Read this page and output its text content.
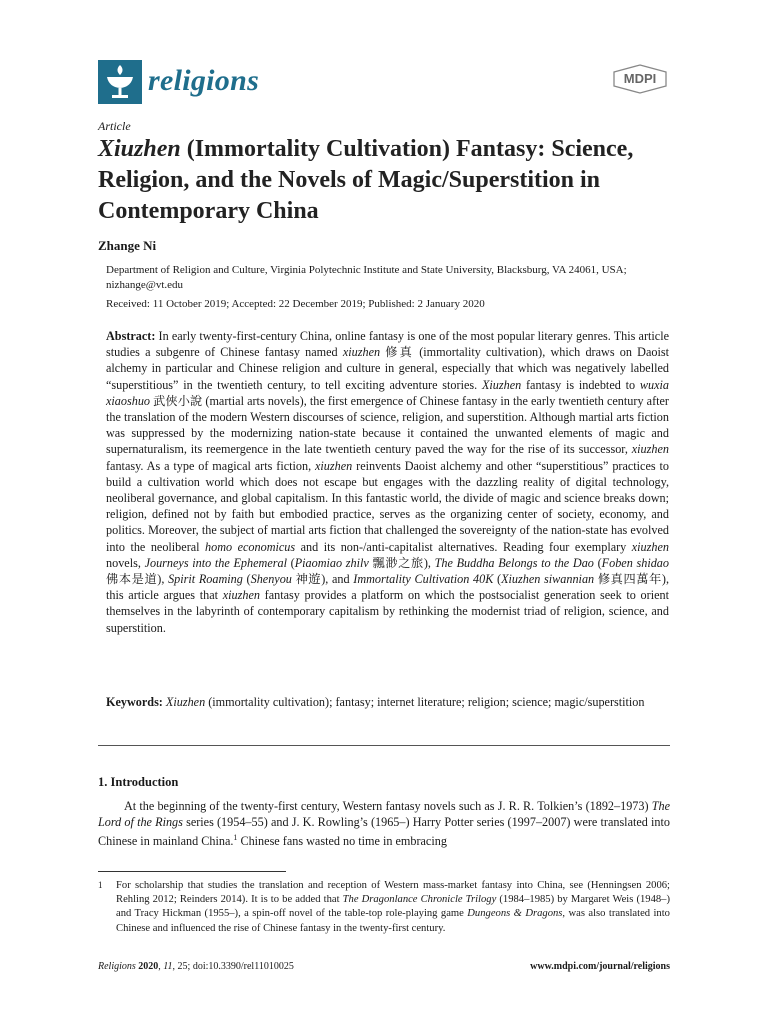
religions	MDPI
Article
Xiuzhen (Immortality Cultivation) Fantasy: Science, Religion, and the Novels of Magic/Superstition in Contemporary China
Zhange Ni
Department of Religion and Culture, Virginia Polytechnic Institute and State University, Blacksburg, VA 24061, USA; nizhange@vt.edu
Received: 11 October 2019; Accepted: 22 December 2019; Published: 2 January 2020
Abstract: In early twenty-first-century China, online fantasy is one of the most popular literary genres. This article studies a subgenre of Chinese fantasy named xiuzhen 修真 (immortality cultivation), which draws on Daoist alchemy in particular and Chinese religion and culture in general, especially that which was negatively labelled “superstitious” in the twentieth century, to tell exciting adventure stories. Xiuzhen fantasy is indebted to wuxia xiaoshuo 武俠小說 (martial arts novels), the first emergence of Chinese fantasy in the early twentieth century after the translation of the modern Western discourses of science, religion, and superstition. Although martial arts fiction was suppressed by the modernizing nation-state because it contained the unwanted elements of magic and supernaturalism, its reemergence in the late twentieth century paved the way for the rise of its successor, xiuzhen fantasy. As a type of magical arts fiction, xiuzhen reinvents Daoist alchemy and other “superstitious” practices to build a cultivation world which does not escape but engages with the dazzling reality of digital technology, neoliberal governance, and global capitalism. In this fantastic world, the divide of magic and science breaks down; religion, defined not by faith but embodied practice, serves as the organizing center of society, economy, and politics. Moreover, the subject of martial arts fiction that challenged the sovereignty of the nation-state has evolved into the neoliberal homo economicus and its non-/anti-capitalist alternatives. Reading four exemplary xiuzhen novels, Journeys into the Ephemeral (Piaomiao zhilv 飄渺之旅), The Buddha Belongs to the Dao (Foben shidao 佛本是道), Spirit Roaming (Shenyou 神遊), and Immortality Cultivation 40K (Xiuzhen siwannian 修真四萬年), this article argues that xiuzhen fantasy provides a platform on which the postsocialist generation seek to orient themselves in the labyrinth of contemporary capitalism by rethinking the modernist triad of religion, science, and superstition.
Keywords: Xiuzhen (immortality cultivation); fantasy; internet literature; religion; science; magic/superstition
1. Introduction
At the beginning of the twenty-first century, Western fantasy novels such as J. R. R. Tolkien’s (1892–1973) The Lord of the Rings series (1954–55) and J. K. Rowling’s (1965–) Harry Potter series (1997–2007) were translated into Chinese in mainland China.$^1$ Chinese fans wasted no time in embracing
1 For scholarship that studies the translation and reception of Western mass-market fantasy into China, see (Henningsen 2006; Rehling 2012; Reinders 2014). It is to be added that The Dragonlance Chronicle Trilogy (1984–1985) by Margaret Weis (1948–) and Tracy Hickman (1955–), a spin-off novel of the table-top role-playing game Dungeons & Dragons, was also translated into Chinese and influenced the rise of Chinese fantasy in the twenty-first century.
Religions 2020, 11, 25; doi:10.3390/rel11010025	www.mdpi.com/journal/religions
